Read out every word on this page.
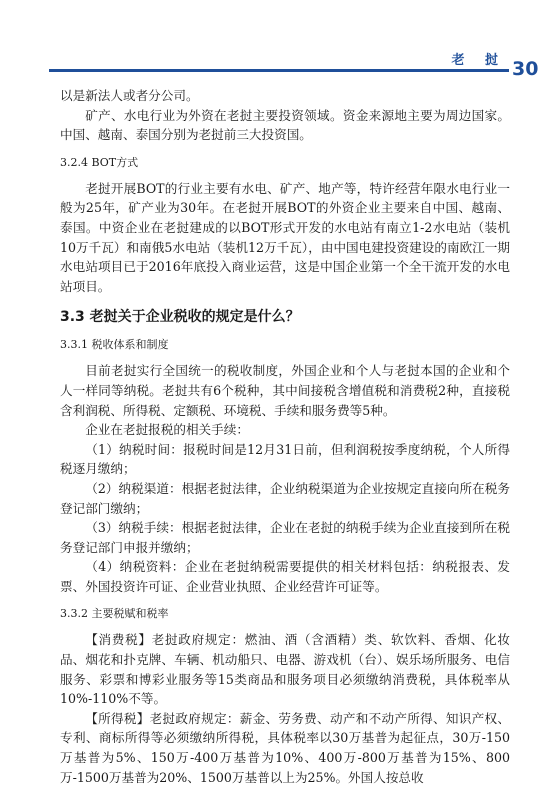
老 挝 30

以是新法人或者分公司。

矿产、水电行业为外资在老挝主要投资领域。资金来源地主要为周边国家。中国、越南、泰国分别为老挝前三大投资国。

3.2.4 BOT方式

老挝开展BOT的行业主要有水电、矿产、地产等，特许经营年限水电行业一般为25年，矿产业为30年。在老挝开展BOT的外资企业主要来自中国、越南、泰国。中资企业在老挝建成的以BOT形式开发的水电站有南立1-2水电站（装机10万千瓦）和南俄5水电站（装机12万千瓦），由中国电建投资建设的南欧江一期水电站项目已于2016年底投入商业运营，这是中国企业第一个全干流开发的水电站项目。

3.3 老挝关于企业税收的规定是什么？
3.3.1 税收体系和制度

目前老挝实行全国统一的税收制度，外国企业和个人与老挝本国的企业和个人一样同等纳税。老挝共有6个税种，其中间接税含增值税和消费税2种，直接税含利润税、所得税、定额税、环境税、手续和服务费等5种。

企业在老挝报税的相关手续：

（1）纳税时间：报税时间是12月31日前，但利润税按季度纳税，个人所得税逐月缴纳；

（2）纳税渠道：根据老挝法律，企业纳税渠道为企业按规定直接向所在税务登记部门缴纳；

（3）纳税手续：根据老挝法律，企业在老挝的纳税手续为企业直接到所在税务登记部门申报并缴纳；

（4）纳税资料：企业在老挝纳税需要提供的相关材料包括：纳税报表、发票、外国投资许可证、企业营业执照、企业经营许可证等。

3.3.2 主要税赋和税率

【消费税】老挝政府规定：燃油、酒（含酒精）类、软饮料、香烟、化妆品、烟花和扑克牌、车辆、机动船只、电器、游戏机（台）、娱乐场所服务、电信服务、彩票和博彩业服务等15类商品和服务项目必须缴纳消费税，具体税率从10%-110%不等。

【所得税】老挝政府规定：薪金、劳务费、动产和不动产所得、知识产权、专利、商标所得等必须缴纳所得税，具体税率以30万基普为起征点，30万-150万基普为5%、150万-400万基普为10%、400万-800万基普为15%、800万-1500万基普为20%、1500万基普以上为25%。外国人按总收
